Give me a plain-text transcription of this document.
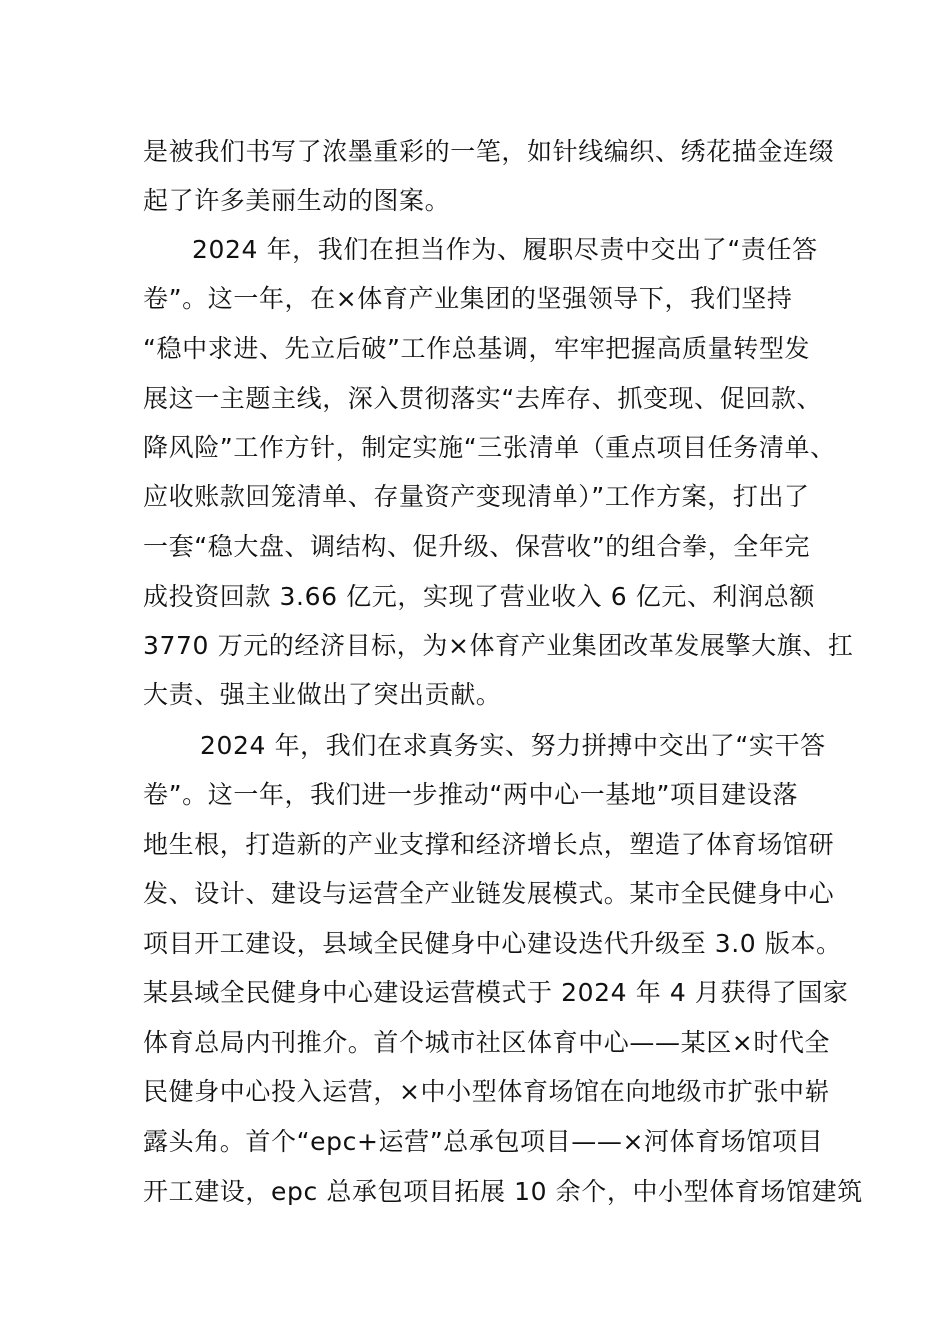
是被我们书写了浓墨重彩的一笔，如针线编织、绣花描金连缀
起了许多美丽生动的图案。
2024 年，我们在担当作为、履职尽责中交出了“责任答
卷”。这一年，在×体育产业集团的坚强领导下，我们坚持
“稳中求进、先立后破”工作总基调，牢牢把握高质量转型发
展这一主题主线，深入贯彻落实“去库存、抓变现、促回款、
降风险”工作方针，制定实施“三张清单（重点项目任务清单、
应收账款回笼清单、存量资产变现清单）”工作方案，打出了
一套“稳大盘、调结构、促升级、保营收”的组合拳，全年完
成投资回款 3.66 亿元，实现了营业收入 6 亿元、利润总额
3770 万元的经济目标，为×体育产业集团改革发展擎大旗、扛
大责、强主业做出了突出贡献。
2024 年，我们在求真务实、努力拼搏中交出了“实干答
卷”。这一年，我们进一步推动“两中心一基地”项目建设落
地生根，打造新的产业支撑和经济增长点，塑造了体育场馆研
发、设计、建设与运营全产业链发展模式。某市全民健身中心
项目开工建设，县域全民健身中心建设迭代升级至 3.0 版本。
某县域全民健身中心建设运营模式于 2024 年 4 月获得了国家
体育总局内刊推介。首个城市社区体育中心——某区×时代全
民健身中心投入运营，×中小型体育场馆在向地级市扩张中崭
露头角。首个“epc+运营”总承包项目——×河体育场馆项目
开工建设，epc 总承包项目拓展 10 余个，中小型体育场馆建筑
